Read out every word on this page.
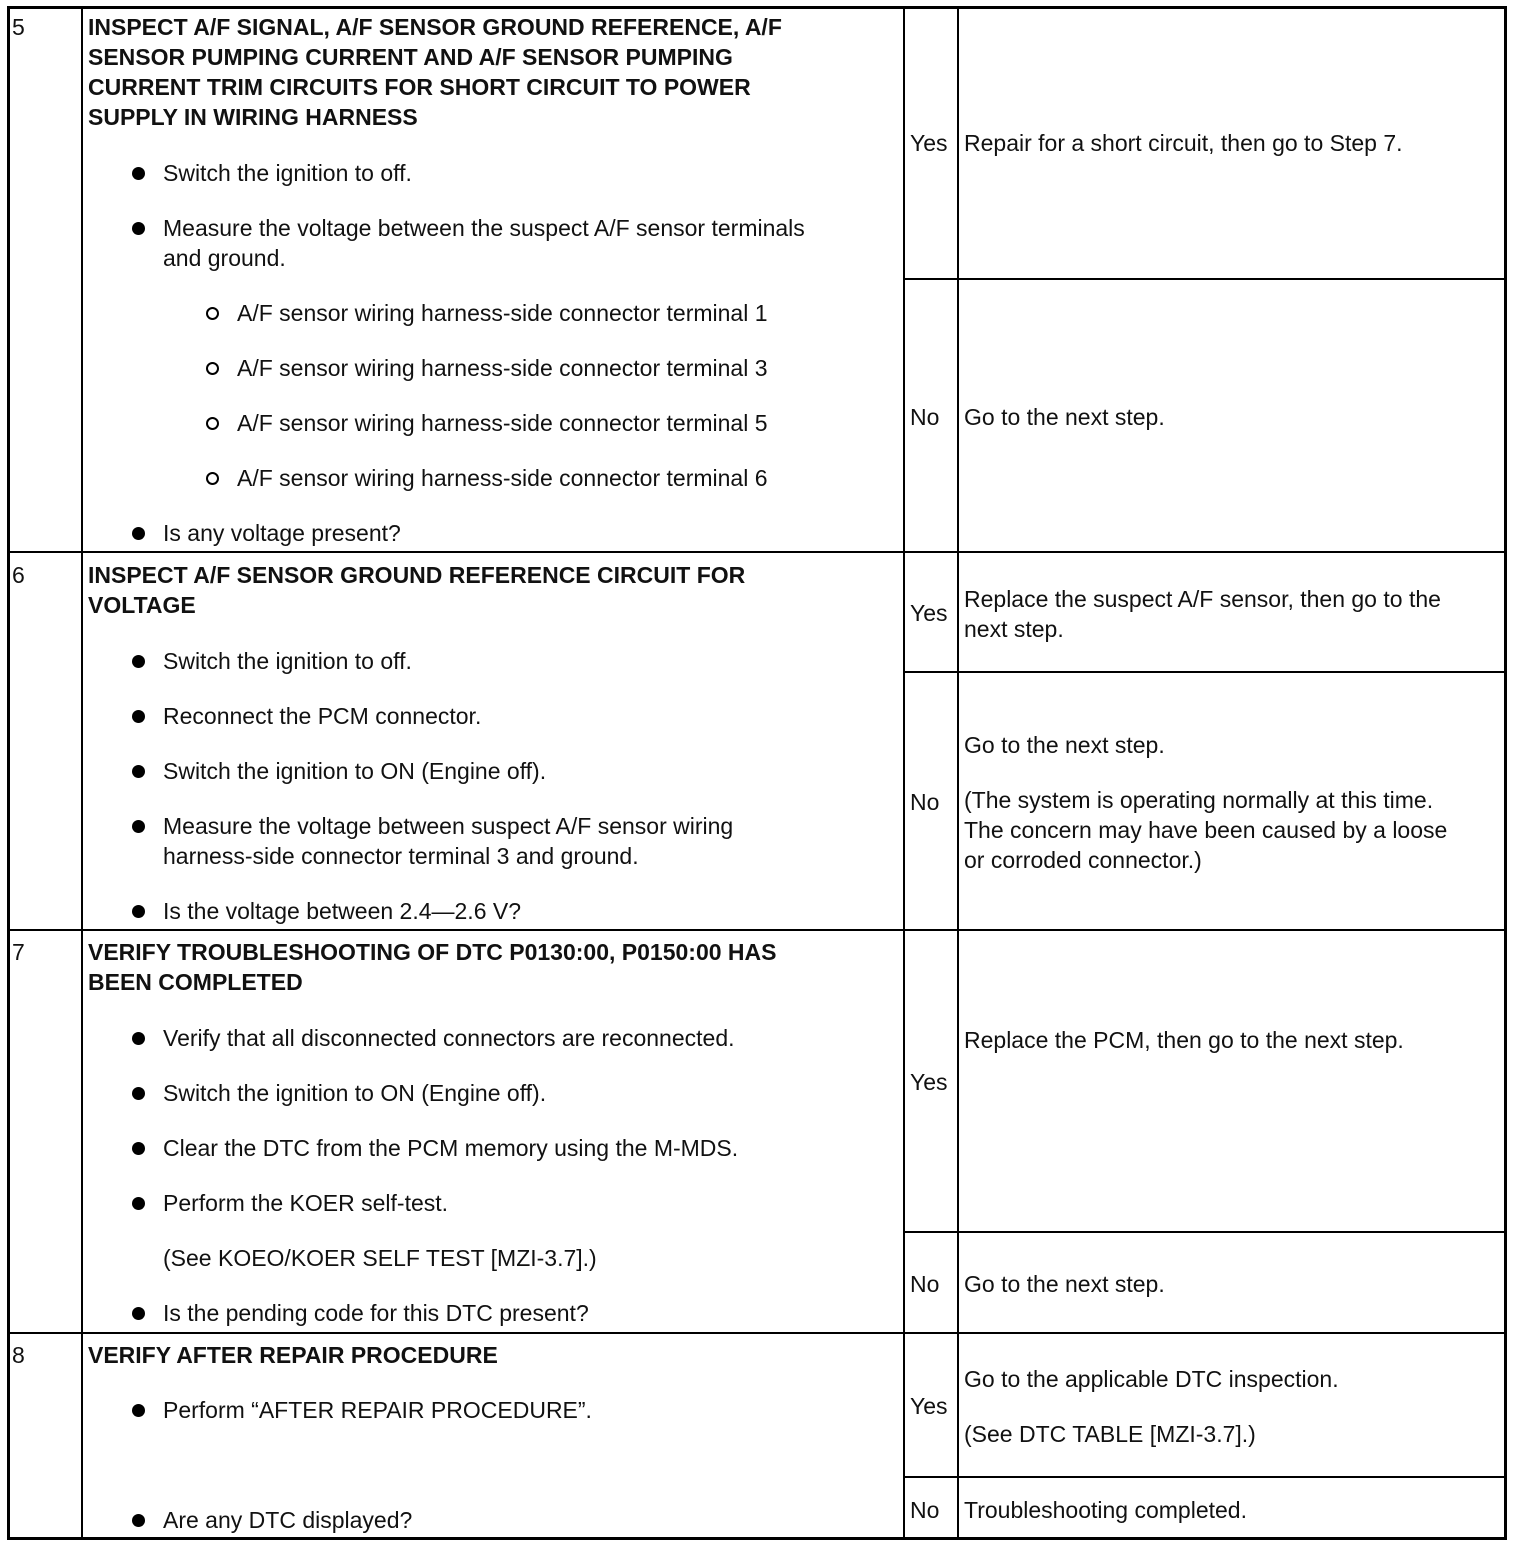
5	INSPECT A/F SIGNAL, A/F SENSOR GROUND REFERENCE, A/F
SENSOR PUMPING CURRENT AND A/F SENSOR PUMPING
CURRENT TRIM CIRCUITS FOR SHORT CIRCUIT TO POWER
SUPPLY IN WIRING HARNESS
Switch the ignition to off.
Measure the voltage between the suspect A/F sensor terminals
and ground.
A/F sensor wiring harness-side connector terminal 1
A/F sensor wiring harness-side connector terminal 3
A/F sensor wiring harness-side connector terminal 5
A/F sensor wiring harness-side connector terminal 6
Is any voltage present?
Yes Repair for a short circuit, then go to Step 7.
No Go to the next step.
6	INSPECT A/F SENSOR GROUND REFERENCE CIRCUIT FOR
VOLTAGE
Switch the ignition to off.
Reconnect the PCM connector.
Switch the ignition to ON (Engine off).
Measure the voltage between suspect A/F sensor wiring
harness-side connector terminal 3 and ground.
Is the voltage between 2.4—2.6 V?
Yes
Replace the suspect A/F sensor, then go to the
next step.
No
Go to the next step.
(The system is operating normally at this time.
The concern may have been caused by a loose
or corroded connector.)
7	VERIFY TROUBLESHOOTING OF DTC P0130:00, P0150:00 HAS
BEEN COMPLETED
Verify that all disconnected connectors are reconnected.
Switch the ignition to ON (Engine off).
Clear the DTC from the PCM memory using the M-MDS.
Perform the KOER self-test.
(See KOEO/KOER SELF TEST [MZI-3.7].)
Is the pending code for this DTC present?
Yes
Replace the PCM, then go to the next step.
No Go to the next step.
8	VERIFY AFTER REPAIR PROCEDURE
Perform “AFTER REPAIR PROCEDURE”.
Are any DTC displayed?
Yes
Go to the applicable DTC inspection.
(See DTC TABLE [MZI-3.7].)
No Troubleshooting completed.
